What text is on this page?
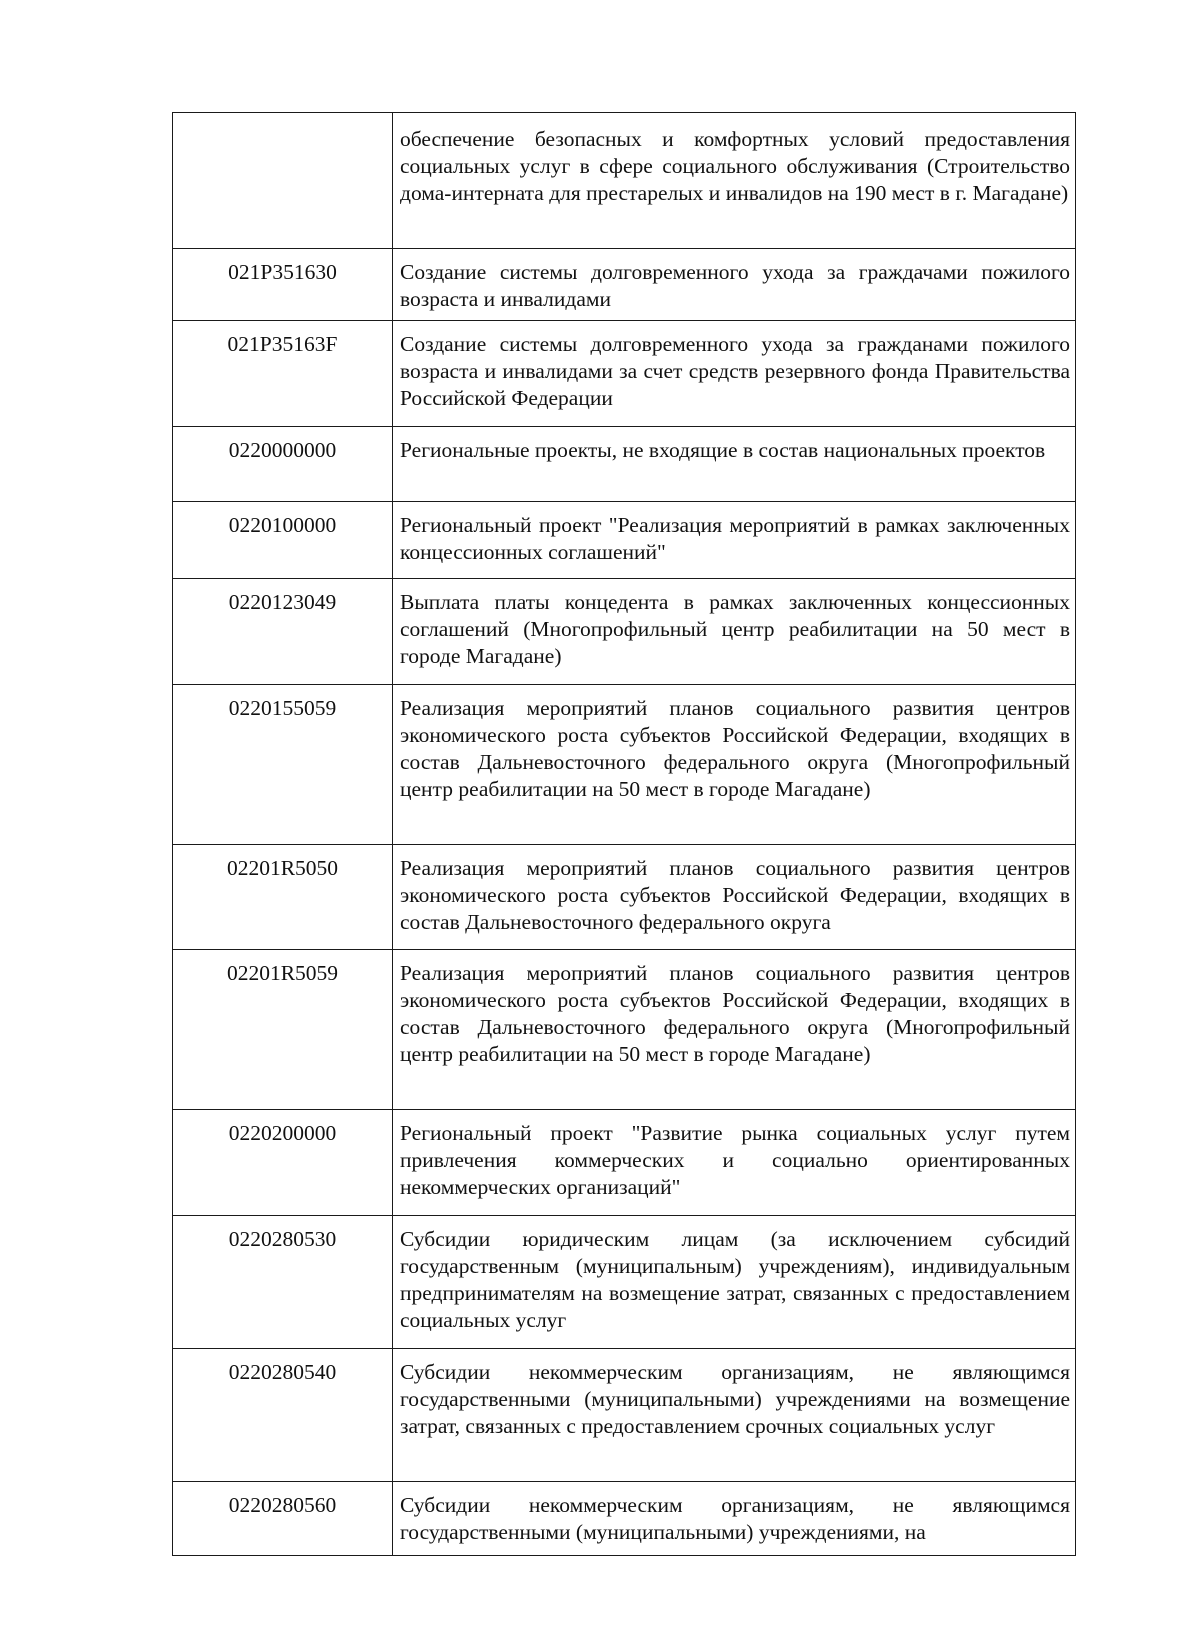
	обеспечение безопасных и комфортных условий предоставления социальных услуг в сфере социального обслуживания (Строительство дома-интерната для престарелых и инвалидов на 190 мест в г. Магадане)
021P351630	Создание системы долговременного ухода за граждачами пожилого возраста и инвалидами
021P35163F	Создание системы долговременного ухода за гражданами пожилого возраста и инвалидами за счет средств резервного фонда Правительства Российской Федерации
0220000000	Региональные проекты, не входящие в состав национальных проектов
0220100000	Региональный проект "Реализация мероприятий в рамках заключенных концессионных соглашений"
0220123049	Выплата платы концедента в рамках заключенных концессионных соглашений (Многопрофильный центр реабилитации на 50 мест в городе Магадане)
0220155059	Реализация мероприятий планов социального развития центров экономического роста субъектов Российской Федерации, входящих в состав Дальневосточного федерального округа (Многопрофильный центр реабилитации на 50 мест в городе Магадане)
02201R5050	Реализация мероприятий планов социального развития центров экономического роста субъектов Российской Федерации, входящих в состав Дальневосточного федерального округа
02201R5059	Реализация мероприятий планов социального развития центров экономического роста субъектов Российской Федерации, входящих в состав Дальневосточного федерального округа (Многопрофильный центр реабилитации на 50 мест в городе Магадане)
0220200000	Региональный проект "Развитие рынка социальных услуг путем привлечения коммерческих и социально ориентированных некоммерческих организаций"
0220280530	Субсидии юридическим лицам (за исключением субсидий государственным (муниципальным) учреждениям), индивидуальным предпринимателям на возмещение затрат, связанных с предоставлением социальных услуг
0220280540	Субсидии некоммерческим организациям, не являющимся государственными (муниципальными) учреждениями на возмещение затрат, связанных с предоставлением срочных социальных услуг
0220280560	Субсидии некоммерческим организациям, не являющимся государственными (муниципальными) учреждениями, на
